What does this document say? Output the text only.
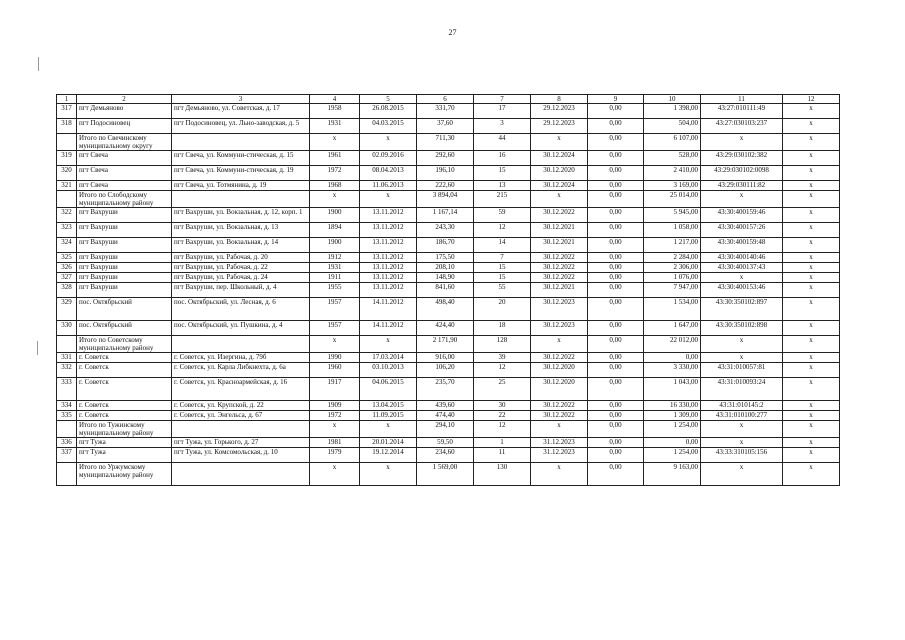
27
1	2	3	4	5	6	7	8	9	10	11	12
317	пгт Демьяново	пгт Демьяново, ул. Советская, д. 17	1958	26.08.2015	331,70	17	29.12.2023	0,00	1 398,00	43:27:010111:49	x
318	пгт Подосиновец	пгт Подосиновец, ул. Льно-заводская, д. 5	1931	04.03.2015	37,60	3	29.12.2023	0,00	504,00	43:27:030103:237	x
	Итого по Свечинскому муниципальному округу		x	x	711,30	44	x	0,00	6 107,00	x	x
319	пгт Свеча	пгт Свеча, ул. Коммуни-стическая, д. 15	1961	02.09.2016	292,60	16	30.12.2024	0,00	528,00	43:29:030102:382	x
320	пгт Свеча	пгт Свеча, ул. Коммуни-стическая, д. 19	1972	08.04.2013	196,10	15	30.12.2020	0,00	2 410,00	43:29:030102:0098	x
321	пгт Свеча	пгт Свеча, ул. Тотмянина, д. 19	1968	11.06.2013	222,60	13	30.12.2024	0,00	3 169,00	43:29:030111:82	x
	Итого по Слободскому муниципальному району		x	x	3 894,04	215	x	0,00	25 014,00	x	x
322	пгт Вахруши	пгт Вахруши, ул. Вокзальная, д. 12, корп. 1	1900	13.11.2012	1 167,14	59	30.12.2022	0,00	5 945,00	43:30:400159:46	x
323	пгт Вахруши	пгт Вахруши, ул. Вокзальная, д. 13	1894	13.11.2012	243,30	12	30.12.2021	0,00	1 058,00	43:30:400157:26	x
324	пгт Вахруши	пгт Вахруши, ул. Вокзальная, д. 14	1900	13.11.2012	186,70	14	30.12.2021	0,00	1 217,00	43:30:400159:48	x
325	пгт Вахруши	пгт Вахруши, ул. Рабочая, д. 20	1912	13.11.2012	175,50	7	30.12.2022	0,00	2 284,00	43:30:400140:46	x
326	пгт Вахруши	пгт Вахруши, ул. Рабочая, д. 22	1931	13.11.2012	208,10	15	30.12.2022	0,00	2 306,00	43:30:400137:43	x
327	пгт Вахруши	пгт Вахруши, ул. Рабочая, д. 24	1911	13.11.2012	148,90	15	30.12.2022	0,00	1 076,00	x	x
328	пгт Вахруши	пгт Вахруши, пер. Школьный, д. 4	1955	13.11.2012	841,60	55	30.12.2021	0,00	7 947,00	43:30:400153:46	x
329	пос. Октябрьский	пос. Октябрьский, ул. Лесная, д. 6	1957	14.11.2012	498,40	20	30.12.2023	0,00	1 534,00	43:30:350102:897	x
330	пос. Октябрьский	пос. Октябрьский, ул. Пушкина, д. 4	1957	14.11.2012	424,40	18	30.12.2023	0,00	1 647,00	43:30:350102:898	x
	Итого по Советскому муниципальному району		x	x	2 171,90	128	x	0,00	22 012,00	x	x
331	г. Советск	г. Советск, ул. Изергина, д. 79б	1990	17.03.2014	916,00	39	30.12.2022	0,00	0,00	x	x
332	г. Советск	г. Советск, ул. Карла Либкнехта, д. 6а	1960	03.10.2013	106,20	12	30.12.2020	0,00	3 330,00	43:31:010057:81	x
333	г. Советск	г. Советск, ул. Красноармейская, д. 16	1917	04.06.2015	235,70	25	30.12.2020	0,00	1 043,00	43:31:010093:24	x
334	г. Советск	г. Советск, ул. Крупской, д. 22	1909	13.04.2015	439,60	30	30.12.2022	0,00	16 330,00	43:31:010145:2	x
335	г. Советск	г. Советск, ул. Энгельса, д. 67	1972	11.09.2015	474,40	22	30.12.2022	0,00	1 309,00	43:31:010100:277	x
	Итого по Тужинскому муниципальному району		x	x	294,10	12	x	0,00	1 254,00	x	x
336	пгт Тужа	пгт Тужа, ул. Горького, д. 27	1981	20.01.2014	59,50	1	31.12.2023	0,00	0,00	x	x
337	пгт Тужа	пгт Тужа, ул. Комсомольская, д. 10	1979	19.12.2014	234,60	11	31.12.2023	0,00	1 254,00	43:33:310105:156	x
	Итого по Уржумскому муниципальному району		x	x	1 569,00	130	x	0,00	9 163,00	x	x
